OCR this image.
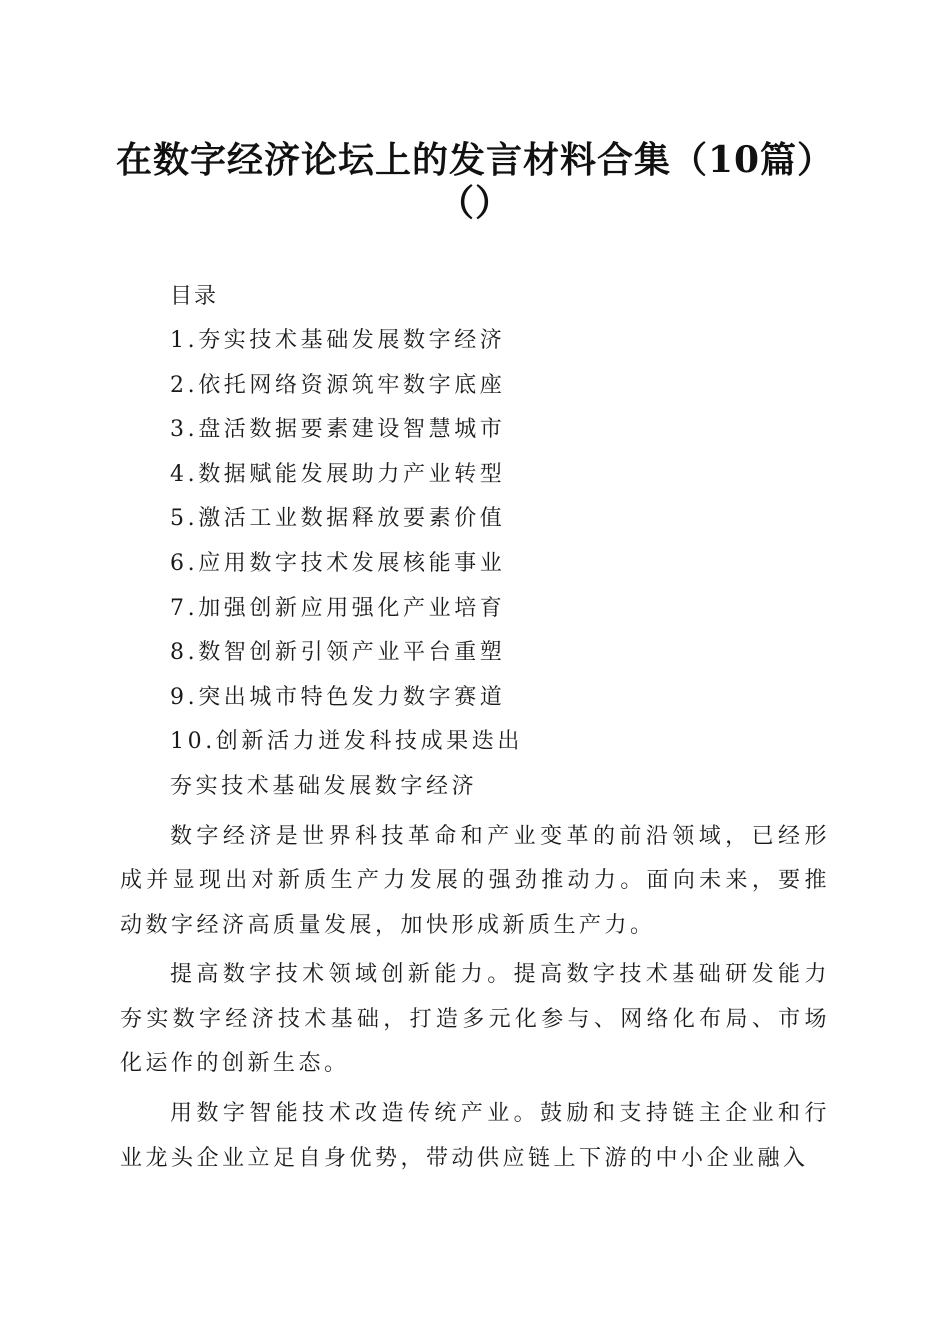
在数字经济论坛上的发言材料合集（10篇）
（）
目录
1.夯实技术基础发展数字经济
2.依托网络资源筑牢数字底座
3.盘活数据要素建设智慧城市
4.数据赋能发展助力产业转型
5.激活工业数据释放要素价值
6.应用数字技术发展核能事业
7.加强创新应用强化产业培育
8.数智创新引领产业平台重塑
9.突出城市特色发力数字赛道
10.创新活力迸发科技成果迭出
夯实技术基础发展数字经济

数字经济是世界科技革命和产业变革的前沿领域，已经形成并显现出对新质生产力发展的强劲推动力。面向未来，要推动数字经济高质量发展，加快形成新质生产力。

提高数字技术领域创新能力。提高数字技术基础研发能力夯实数字经济技术基础，打造多元化参与、网络化布局、市场化运作的创新生态。

用数字智能技术改造传统产业。鼓励和支持链主企业和行业龙头企业立足自身优势，带动供应链上下游的中小企业融入
